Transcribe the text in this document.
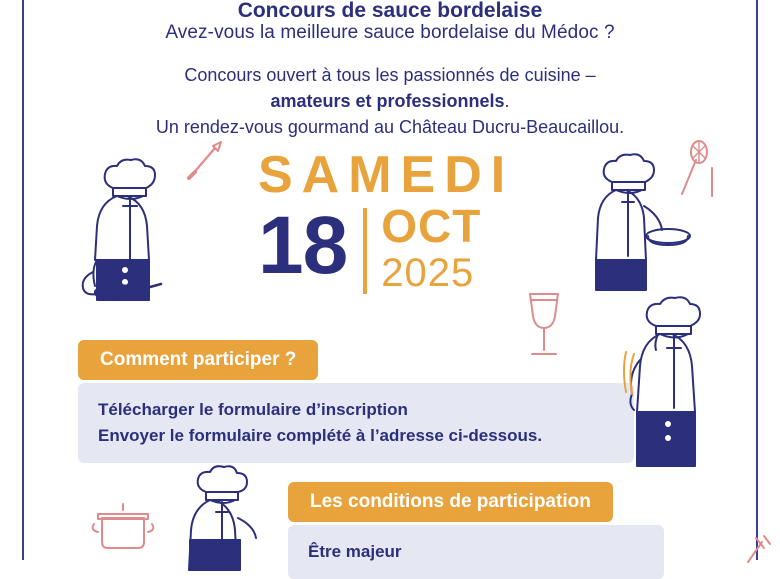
Concours de sauce bordelaise
Avez-vous la meilleure sauce bordelaise du Médoc ?
Concours ouvert à tous les passionnés de cuisine –
amateurs et professionnels.
Un rendez-vous gourmand au Château Ducru-Beaucaillou.
SAMEDI
18 OCT
2025
Comment participer ?
Télécharger le formulaire d’inscription
Envoyer le formulaire complété à l’adresse ci-dessous.
Les conditions de participation
Être majeur
